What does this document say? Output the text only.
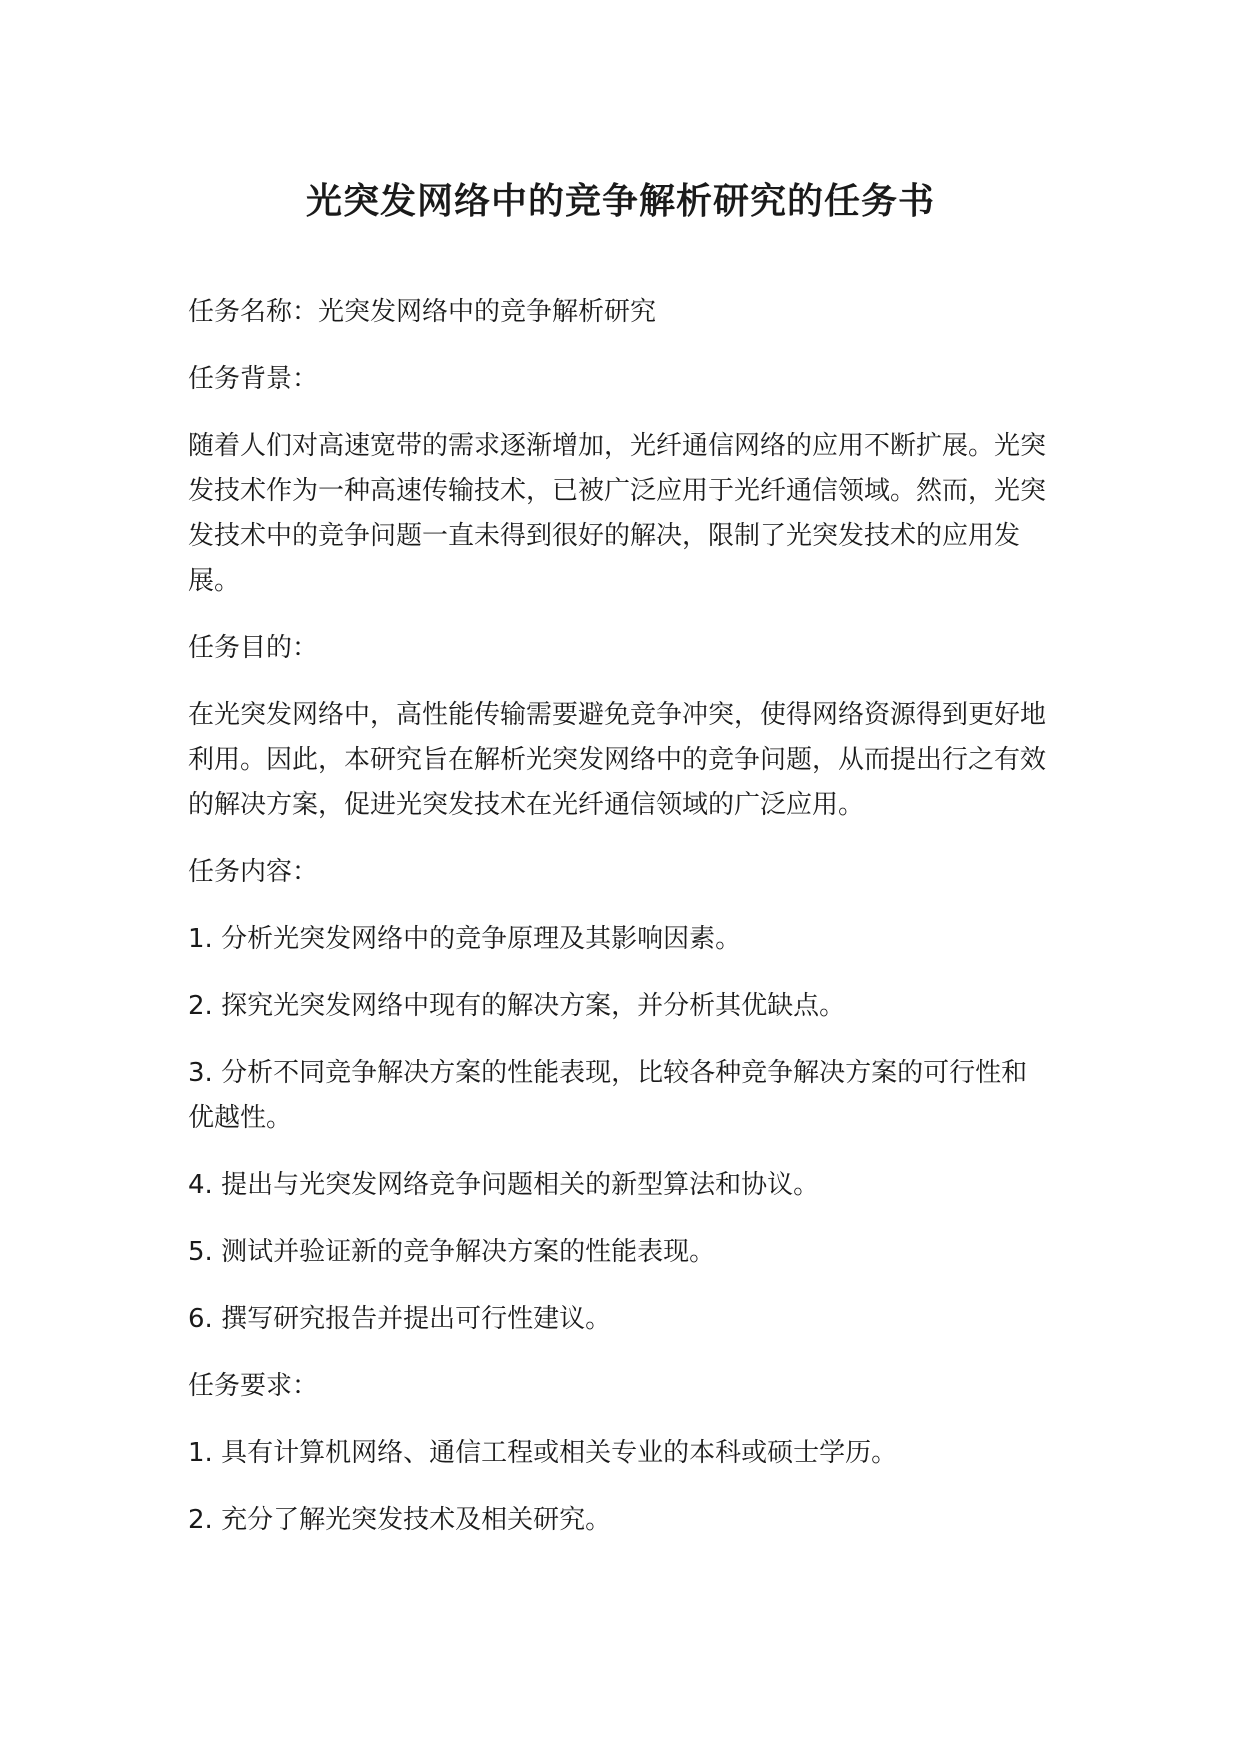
光突发网络中的竞争解析研究的任务书

任务名称：光突发网络中的竞争解析研究

任务背景：

随着人们对高速宽带的需求逐渐增加，光纤通信网络的应用不断扩展。光突发技术作为一种高速传输技术，已被广泛应用于光纤通信领域。然而，光突发技术中的竞争问题一直未得到很好的解决，限制了光突发技术的应用发展。

任务目的：

在光突发网络中，高性能传输需要避免竞争冲突，使得网络资源得到更好地利用。因此，本研究旨在解析光突发网络中的竞争问题，从而提出行之有效的解决方案，促进光突发技术在光纤通信领域的广泛应用。

任务内容：

1. 分析光突发网络中的竞争原理及其影响因素。

2. 探究光突发网络中现有的解决方案，并分析其优缺点。

3. 分析不同竞争解决方案的性能表现，比较各种竞争解决方案的可行性和优越性。

4. 提出与光突发网络竞争问题相关的新型算法和协议。

5. 测试并验证新的竞争解决方案的性能表现。

6. 撰写研究报告并提出可行性建议。

任务要求：

1. 具有计算机网络、通信工程或相关专业的本科或硕士学历。

2. 充分了解光突发技术及相关研究。
